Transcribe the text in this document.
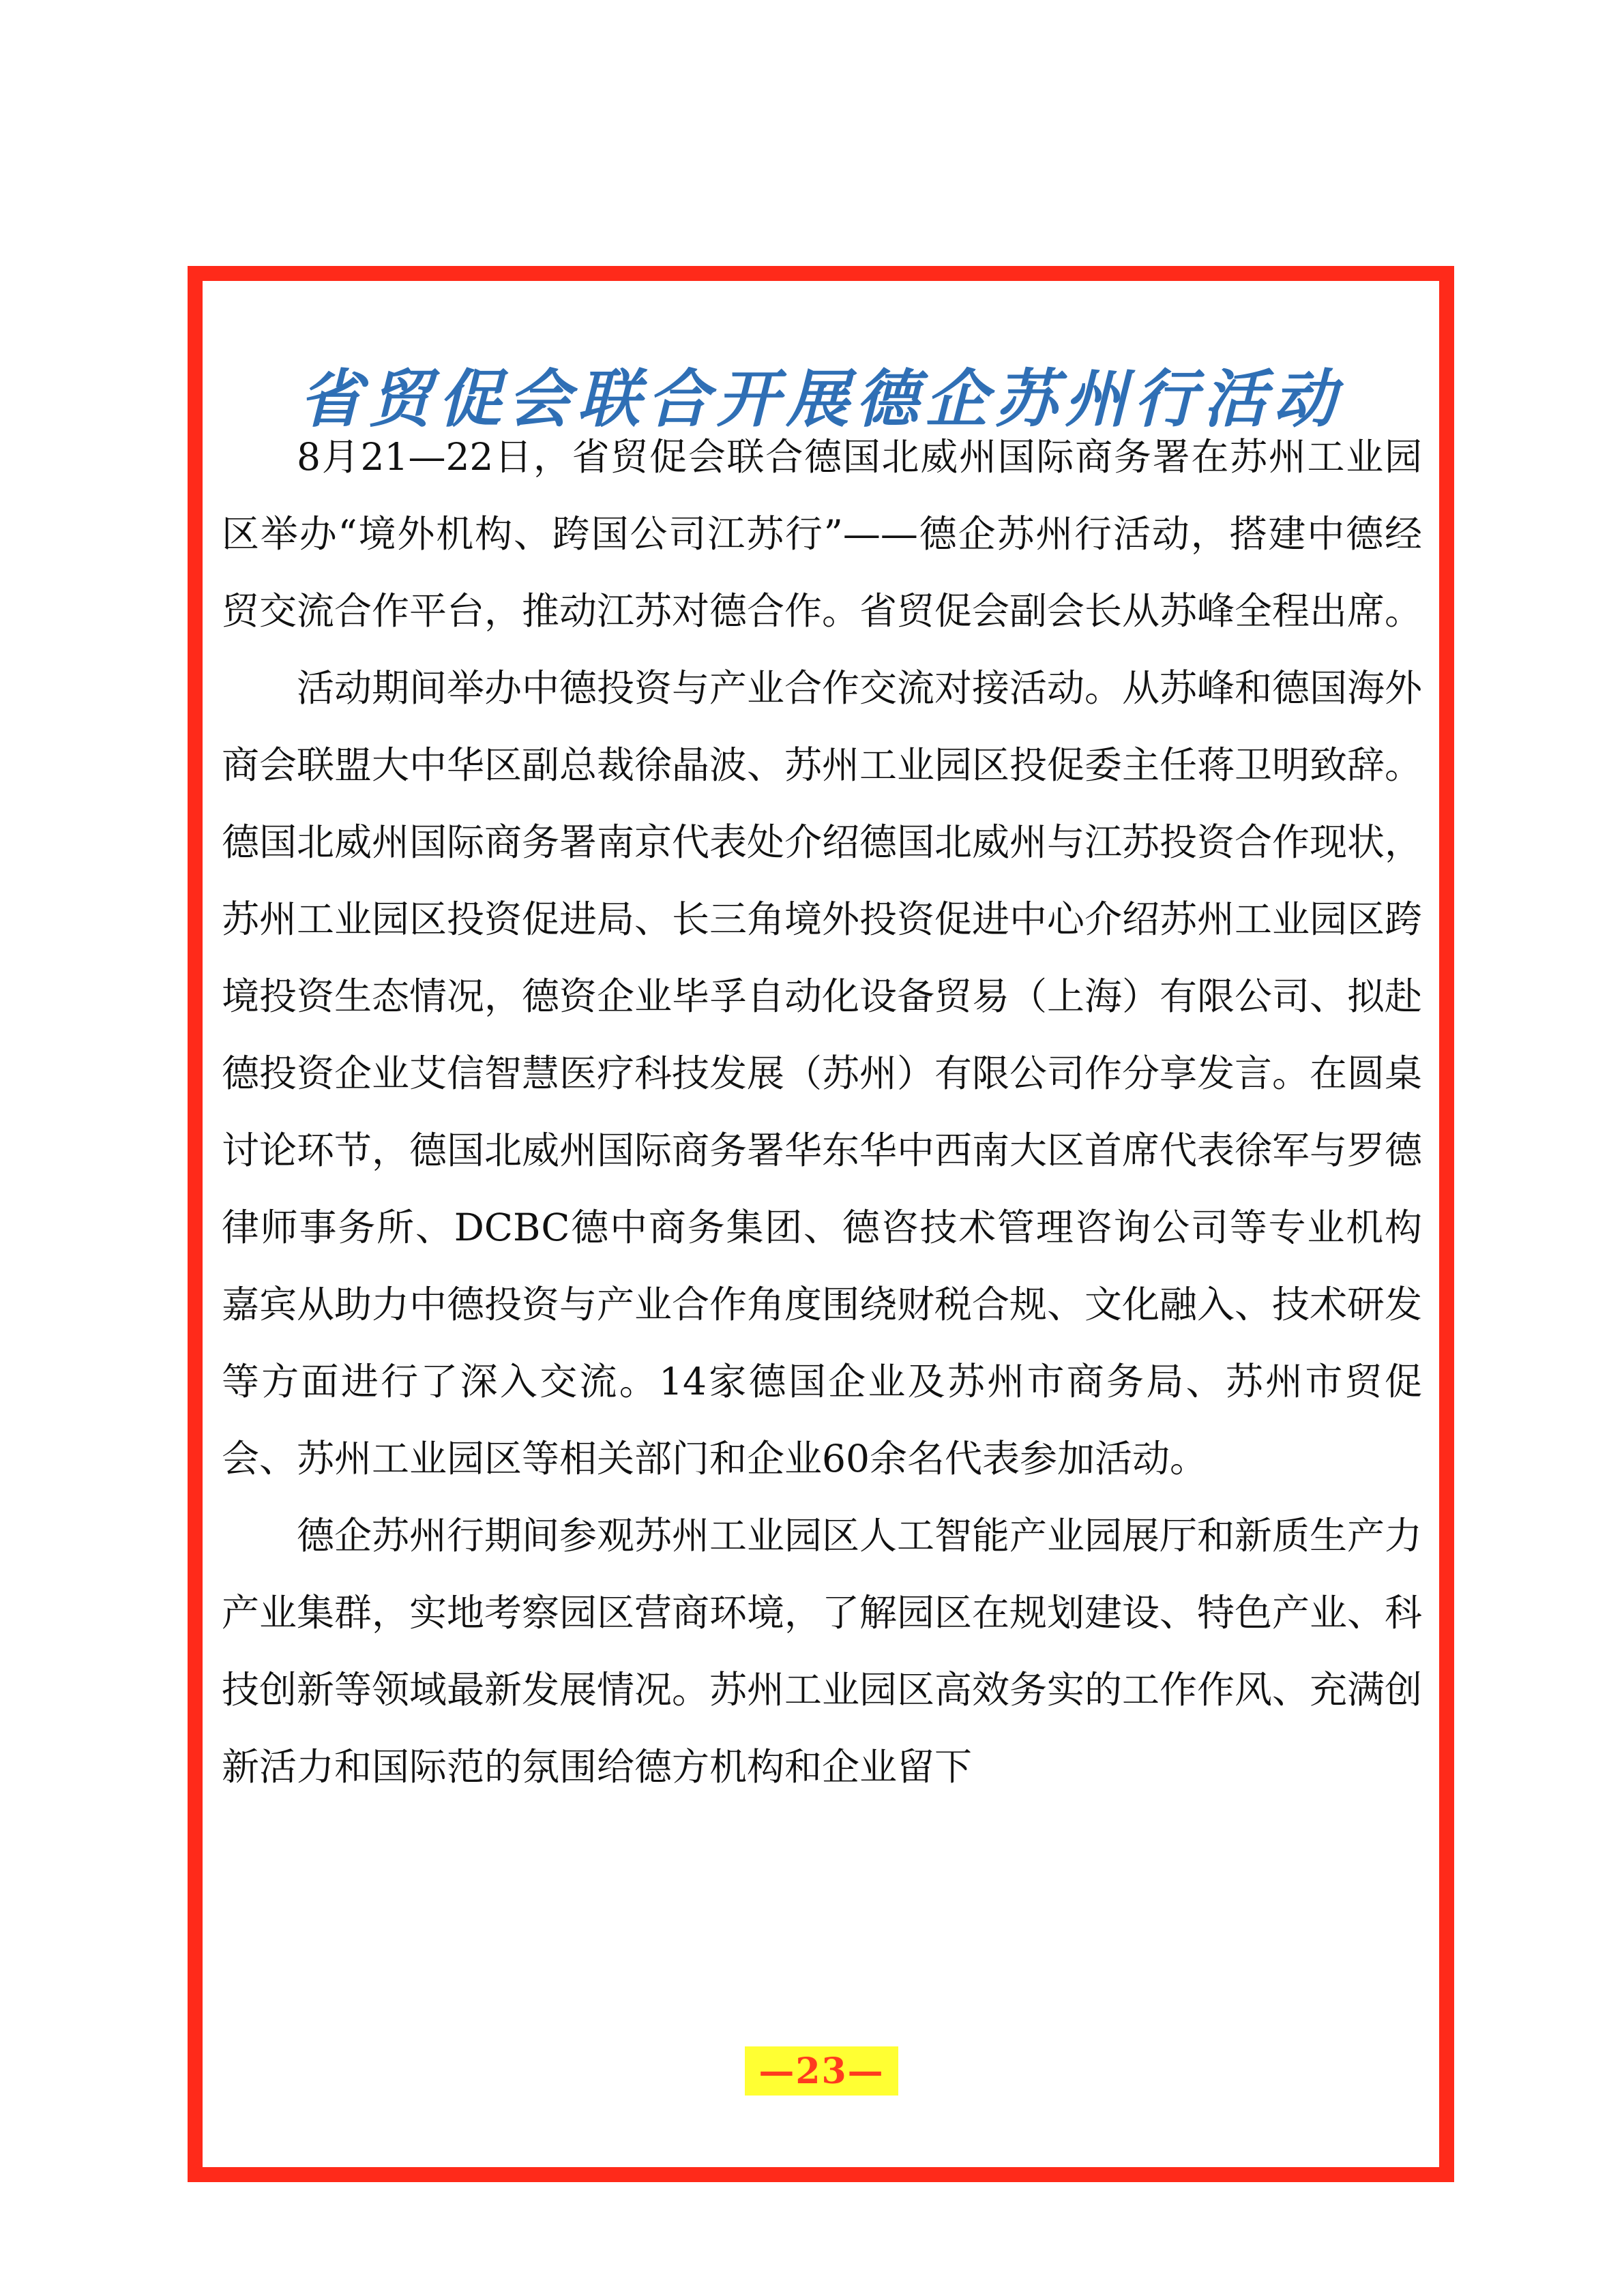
省贸促会联合开展德企苏州行活动

8月21—22日，省贸促会联合德国北威州国际商务署在苏州工业园区举办“境外机构、跨国公司江苏行”——德企苏州行活动，搭建中德经贸交流合作平台，推动江苏对德合作。省贸促会副会长从苏峰全程出席。

活动期间举办中德投资与产业合作交流对接活动。从苏峰和德国海外商会联盟大中华区副总裁徐晶波、苏州工业园区投促委主任蒋卫明致辞。德国北威州国际商务署南京代表处介绍德国北威州与江苏投资合作现状，苏州工业园区投资促进局、长三角境外投资促进中心介绍苏州工业园区跨境投资生态情况，德资企业毕孚自动化设备贸易（上海）有限公司、拟赴德投资企业艾信智慧医疗科技发展（苏州）有限公司作分享发言。在圆桌讨论环节，德国北威州国际商务署华东华中西南大区首席代表徐军与罗德律师事务所、DCBC德中商务集团、德咨技术管理咨询公司等专业机构嘉宾从助力中德投资与产业合作角度围绕财税合规、文化融入、技术研发等方面进行了深入交流。14家德国企业及苏州市商务局、苏州市贸促会、苏州工业园区等相关部门和企业60余名代表参加活动。

德企苏州行期间参观苏州工业园区人工智能产业园展厅和新质生产力产业集群，实地考察园区营商环境，了解园区在规划建设、特色产业、科技创新等领域最新发展情况。苏州工业园区高效务实的工作作风、充满创新活力和国际范的氛围给德方机构和企业留下

—23—
